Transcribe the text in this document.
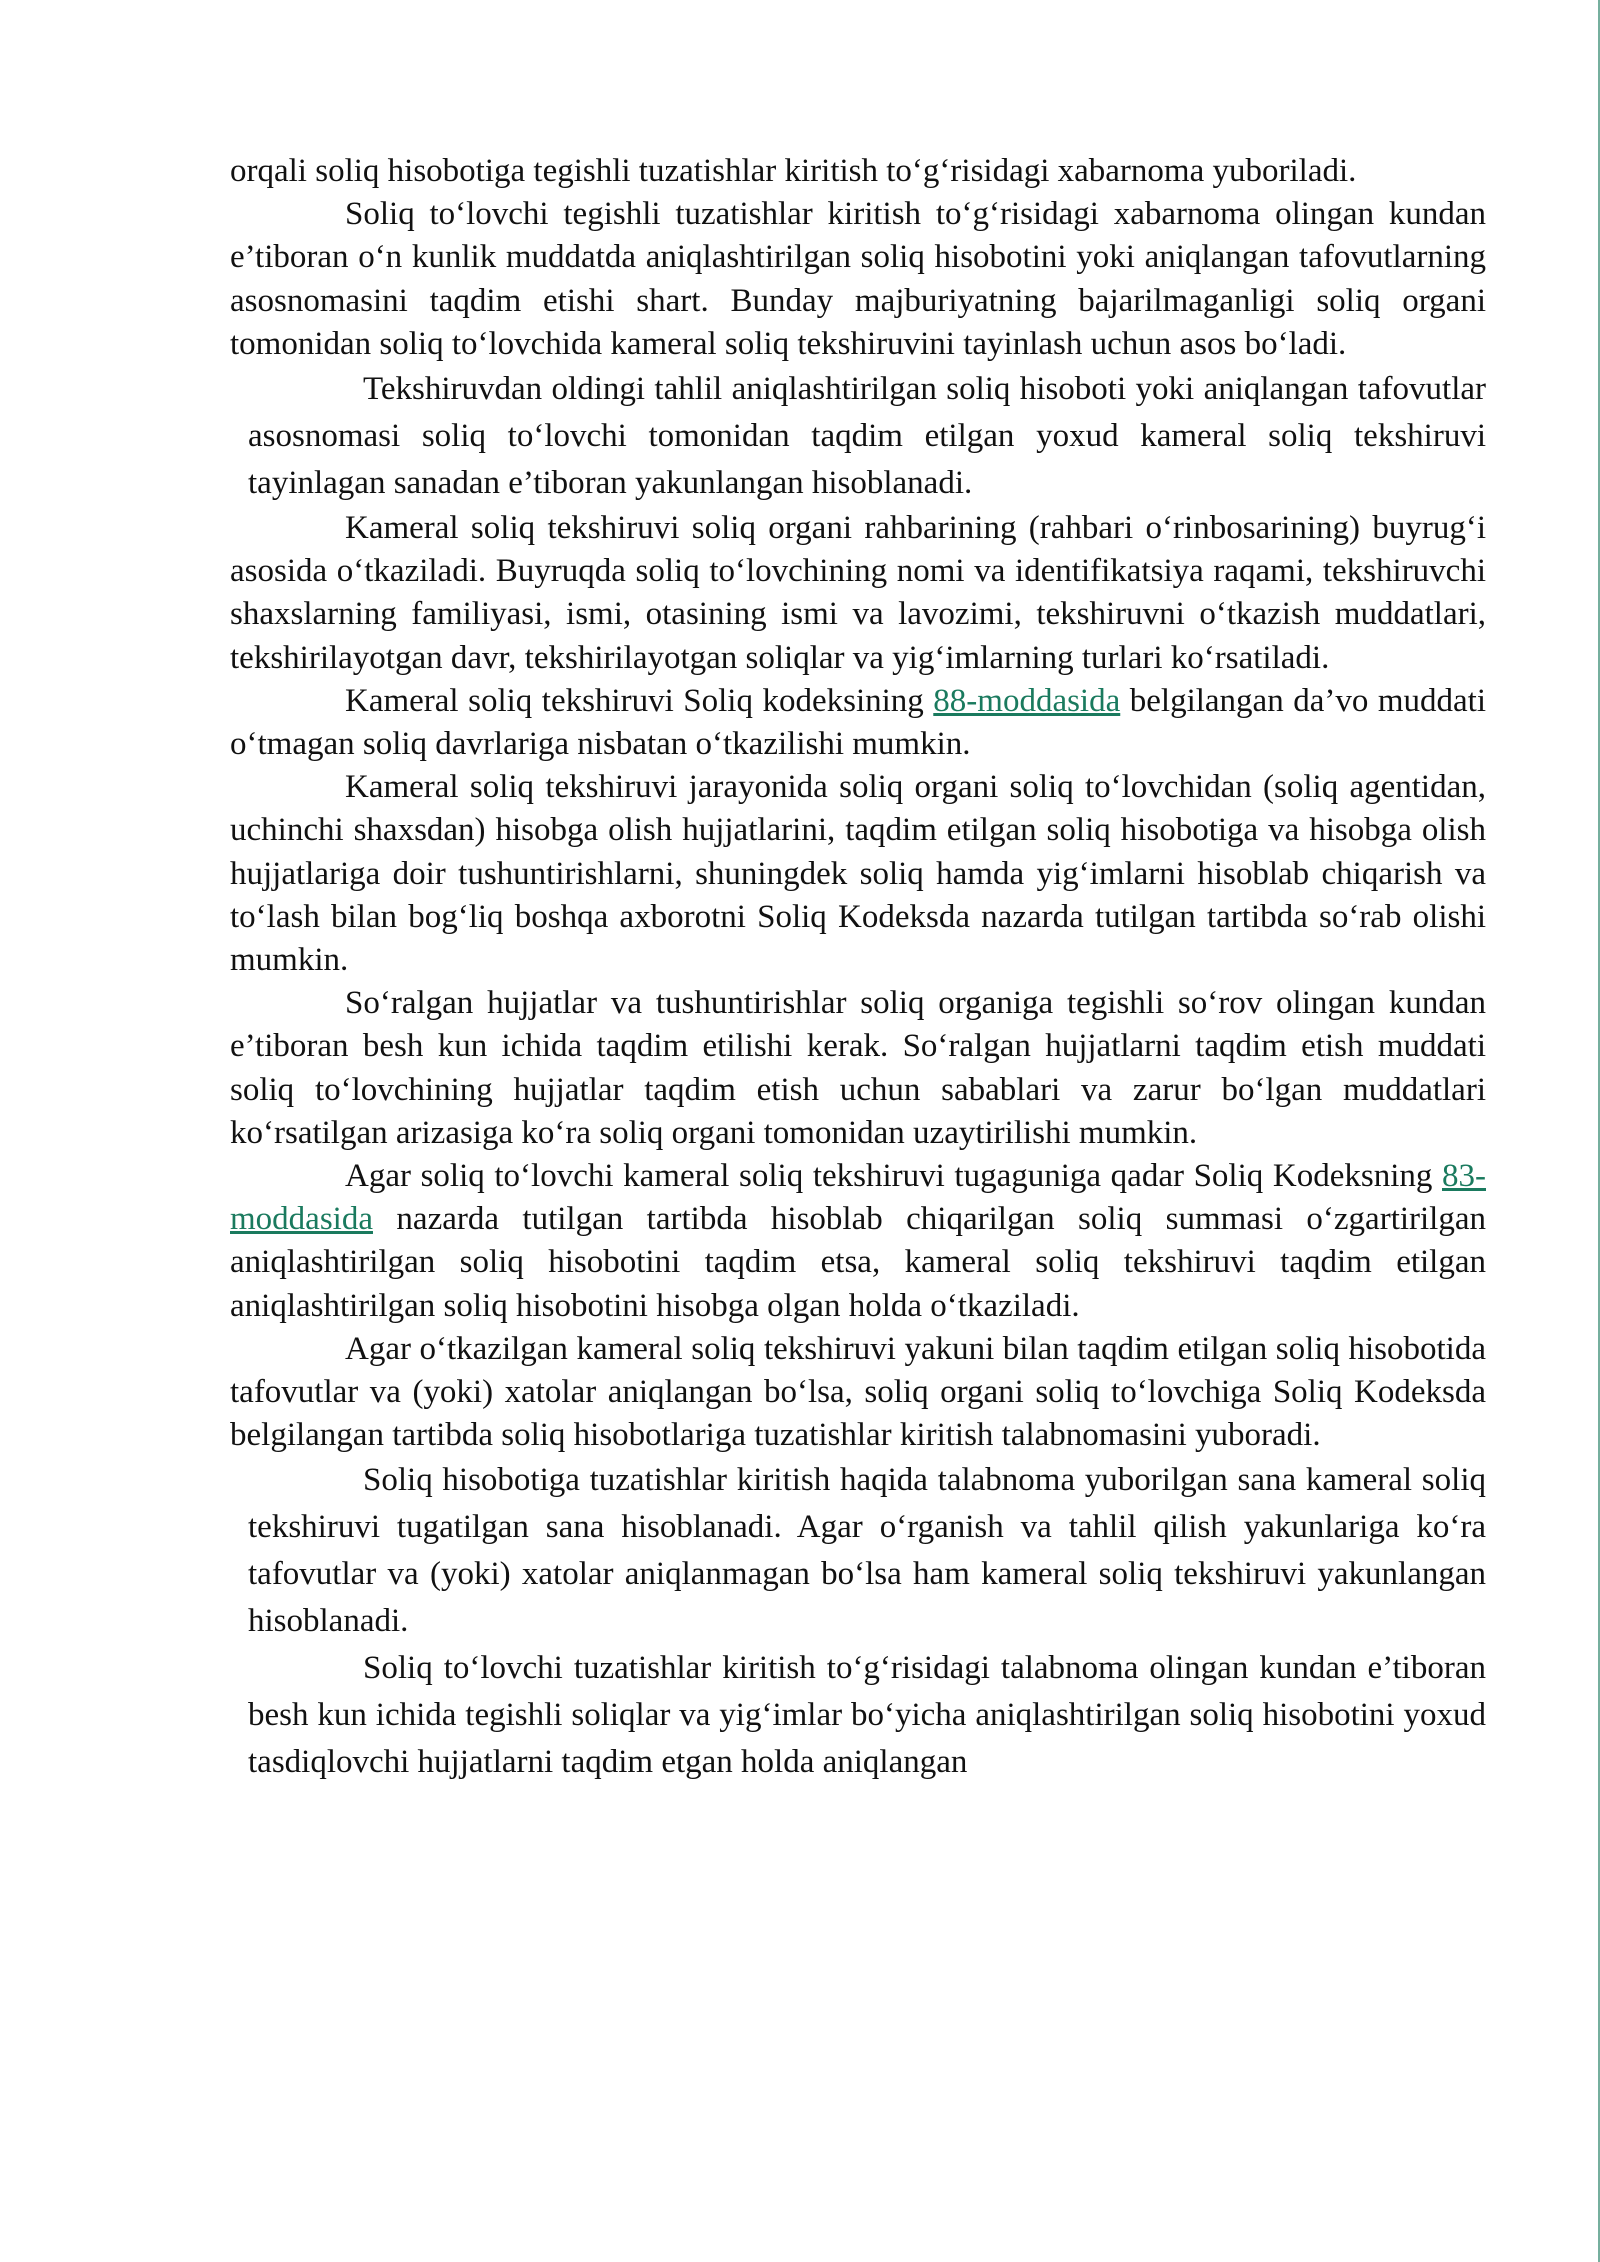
orqali soliq hisobotiga tegishli tuzatishlar kiritish to‘g‘risidagi xabarnoma yuboriladi.

Soliq to‘lovchi tegishli tuzatishlar kiritish to‘g‘risidagi xabarnoma olingan kundan e’tiboran o‘n kunlik muddatda aniqlashtirilgan soliq hisobotini yoki aniqlangan tafovutlarning asosnomasini taqdim etishi shart. Bunday majburiyatning bajarilmaganligi soliq organi tomonidan soliq to‘lovchida kameral soliq tekshiruvini tayinlash uchun asos bo‘ladi.

Tekshiruvdan oldingi tahlil aniqlashtirilgan soliq hisoboti yoki aniqlangan tafovutlar asosnomasi soliq to‘lovchi tomonidan taqdim etilgan yoxud kameral soliq tekshiruvi tayinlagan sanadan e’tiboran yakunlangan hisoblanadi.

Kameral soliq tekshiruvi soliq organi rahbarining (rahbari o‘rinbosarining) buyrug‘i asosida o‘tkaziladi. Buyruqda soliq to‘lovchining nomi va identifikatsiya raqami, tekshiruvchi shaxslarning familiyasi, ismi, otasining ismi va lavozimi, tekshiruvni o‘tkazish muddatlari, tekshirilayotgan davr, tekshirilayotgan soliqlar va yig‘imlarning turlari ko‘rsatiladi.

Kameral soliq tekshiruvi Soliq kodeksining 88-moddasida belgilangan da’vo muddati o‘tmagan soliq davrlariga nisbatan o‘tkazilishi mumkin.

Kameral soliq tekshiruvi jarayonida soliq organi soliq to‘lovchidan (soliq agentidan, uchinchi shaxsdan) hisobga olish hujjatlarini, taqdim etilgan soliq hisobotiga va hisobga olish hujjatlariga doir tushuntirishlarni, shuningdek soliq hamda yig‘imlarni hisoblab chiqarish va to‘lash bilan bog‘liq boshqa axborotni Soliq Kodeksda nazarda tutilgan tartibda so‘rab olishi mumkin.

So‘ralgan hujjatlar va tushuntirishlar soliq organiga tegishli so‘rov olingan kundan e’tiboran besh kun ichida taqdim etilishi kerak. So‘ralgan hujjatlarni taqdim etish muddati soliq to‘lovchining hujjatlar taqdim etish uchun sabablari va zarur bo‘lgan muddatlari ko‘rsatilgan arizasiga ko‘ra soliq organi tomonidan uzaytirilishi mumkin.

Agar soliq to‘lovchi kameral soliq tekshiruvi tugaguniga qadar Soliq Kodeksning 83-moddasida nazarda tutilgan tartibda hisoblab chiqarilgan soliq summasi o‘zgartirilgan aniqlashtirilgan soliq hisobotini taqdim etsa, kameral soliq tekshiruvi taqdim etilgan aniqlashtirilgan soliq hisobotini hisobga olgan holda o‘tkaziladi.

Agar o‘tkazilgan kameral soliq tekshiruvi yakuni bilan taqdim etilgan soliq hisobotida tafovutlar va (yoki) xatolar aniqlangan bo‘lsa, soliq organi soliq to‘lovchiga Soliq Kodeksda belgilangan tartibda soliq hisobotlariga tuzatishlar kiritish talabnomasini yuboradi.

Soliq hisobotiga tuzatishlar kiritish haqida talabnoma yuborilgan sana kameral soliq tekshiruvi tugatilgan sana hisoblanadi. Agar o‘rganish va tahlil qilish yakunlariga ko‘ra tafovutlar va (yoki) xatolar aniqlanmagan bo‘lsa ham kameral soliq tekshiruvi yakunlangan hisoblanadi.

Soliq to‘lovchi tuzatishlar kiritish to‘g‘risidagi talabnoma olingan kundan e’tiboran besh kun ichida tegishli soliqlar va yig‘imlar bo‘yicha aniqlashtirilgan soliq hisobotini yoxud tasdiqlovchi hujjatlarni taqdim etgan holda aniqlangan
